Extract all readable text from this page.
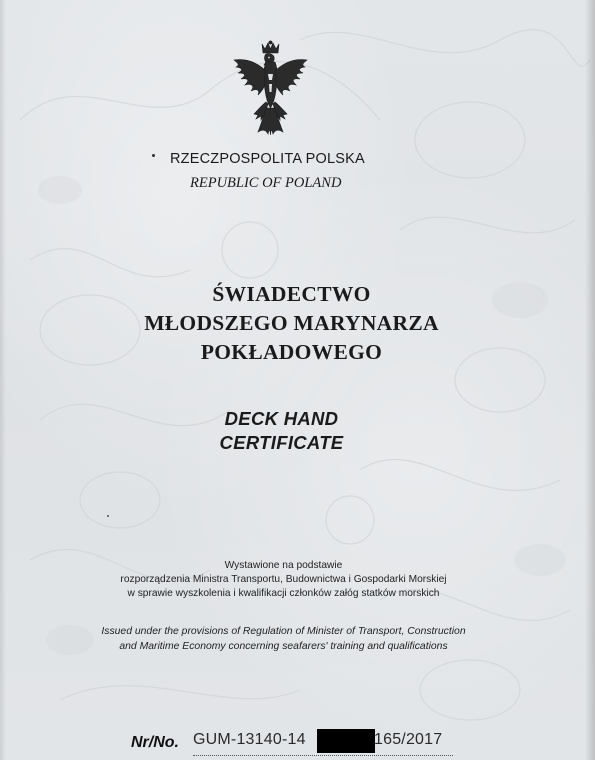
RZECZPOSPOLITA POLSKA
REPUBLIC OF POLAND
ŚWIADECTWO
MŁODSZEGO MARYNARZA
POKŁADOWEGO
DECK HAND
CERTIFICATE
Wystawione na podstawie
rozporządzenia Ministra Transportu, Budownictwa i Gospodarki Morskiej
w sprawie wyszkolenia i kwalifikacji członków załóg statków morskich
Issued under the provisions of Regulation of Minister of Transport, Construction
and Maritime Economy concerning seafarers' training and qualifications
Nr/No. GUM-13140-14	165/2017
